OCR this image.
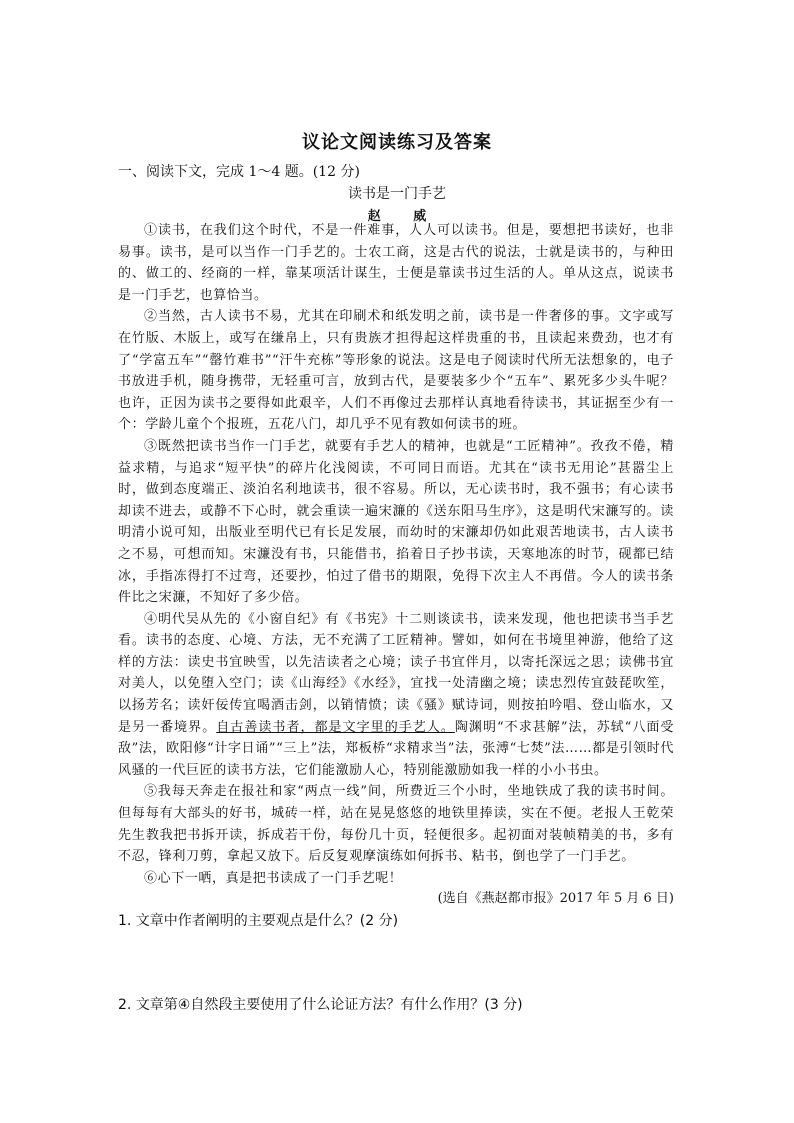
议论文阅读练习及答案
一、阅读下文，完成 1～4 题。(12 分)
读书是一门手艺
赵 威

①读书，在我们这个时代，不是一件难事，人人可以读书。但是，要想把书读好，也非易事。读书，是可以当作一门手艺的。士农工商，这是古代的说法，士就是读书的，与种田的、做工的、经商的一样，靠某项活计谋生，士便是靠读书过生活的人。单从这点，说读书是一门手艺，也算恰当。

②当然，古人读书不易，尤其在印刷术和纸发明之前，读书是一件奢侈的事。文字或写在竹版、木版上，或写在缣帛上，只有贵族才担得起这样贵重的书，且读起来费劲，也才有了“学富五车”“罄竹难书”“汗牛充栋”等形象的说法。这是电子阅读时代所无法想象的，电子书放进手机，随身携带，无轻重可言，放到古代，是要装多少个“五车”、累死多少头牛呢？也许，正因为读书之要得如此艰辛，人们不再像过去那样认真地看待读书，其证据至少有一个：学龄儿童个个报班，五花八门，却几乎不见有教如何读书的班。

③既然把读书当作一门手艺，就要有手艺人的精神，也就是“工匠精神”。孜孜不倦，精益求精，与追求“短平快”的碎片化浅阅读，不可同日而语。尤其在“读书无用论”甚嚣尘上时，做到态度端正、淡泊名利地读书，很不容易。所以，无心读书时，我不强书；有心读书却读不进去，或静不下心时，就会重读一遍宋濂的《送东阳马生序》，这是明代宋濂写的。读明清小说可知，出版业至明代已有长足发展，而幼时的宋濂却仍如此艰苦地读书，古人读书之不易，可想而知。宋濂没有书，只能借书，掐着日子抄书读，天寒地冻的时节，砚都已结冰，手指冻得打不过弯，还要抄，怕过了借书的期限，免得下次主人不再借。今人的读书条件比之宋濂，不知好了多少倍。

④明代吴从先的《小窗自纪》有《书宪》十二则谈读书，读来发现，他也把读书当手艺看。读书的态度、心境、方法，无不充满了工匠精神。譬如，如何在书境里神游，他给了这样的方法：读史书宜映雪，以先洁读者之心境；读子书宜伴月，以寄托深远之思；读佛书宜对美人，以免堕入空门；读《山海经》《水经》，宜找一处清幽之境；读忠烈传宜鼓琵吹笙，以扬芳名；读奸佞传宜喝酒击剑，以销情愤；读《骚》赋诗词，则按拍吟唱、登山临水，又是另一番境界。自古善读书者，都是文字里的手艺人。陶渊明“不求甚解”法，苏轼“八面受敌”法，欧阳修“计字日诵”“三上”法，郑板桥“求精求当”法，张溥“七焚”法……都是引领时代风骚的一代巨匠的读书方法，它们能激励人心，特别能激励如我一样的小小书虫。

⑤我每天奔走在报社和家“两点一线”间，所费近三个小时，坐地铁成了我的读书时间。但每每有大部头的好书，城砖一样，站在晃晃悠悠的地铁里捧读，实在不便。老报人王乾荣先生教我把书拆开读，拆成若干份，每份几十页，轻便很多。起初面对装帧精美的书，多有不忍，锋利刀剪，拿起又放下。后反复观摩演练如何拆书、粘书，倒也学了一门手艺。

⑥心下一哂，真是把书读成了一门手艺呢！

(选自《燕赵都市报》2017 年 5 月 6 日)
1. 文章中作者阐明的主要观点是什么？(2 分)
2. 文章第④自然段主要使用了什么论证方法？有什么作用？(3 分)
